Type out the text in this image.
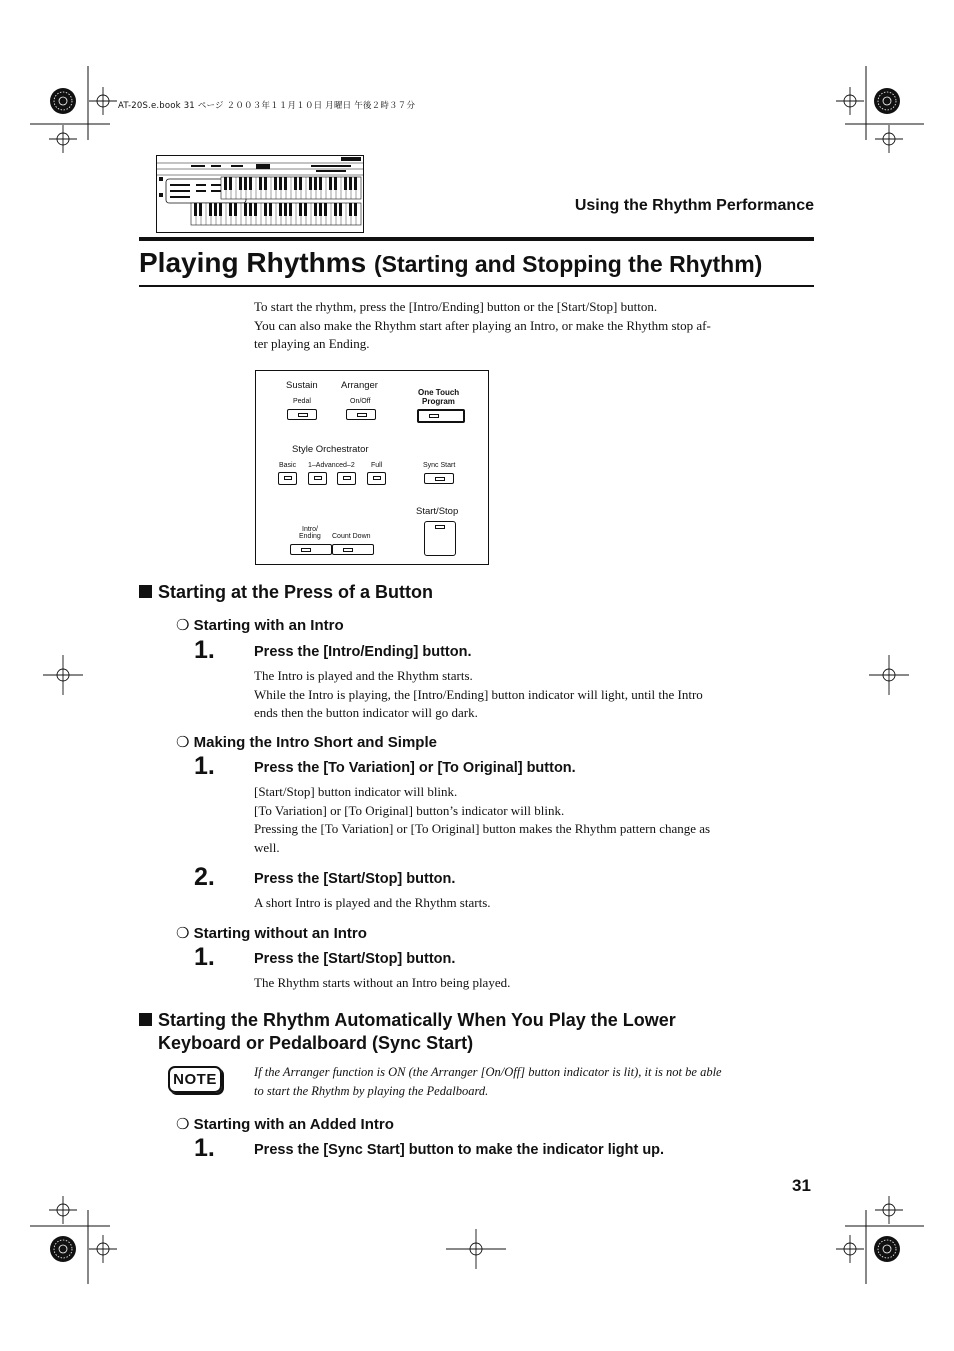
AT-20S.e.book 31 ページ ２００３年１１月１０日 月曜日 午後２時３７分
Using the Rhythm Performance
Playing Rhythms (Starting and Stopping the Rhythm)
To start the rhythm, press the [Intro/Ending] button or the [Start/Stop] button.
You can also make the Rhythm start after playing an Intro, or make the Rhythm stop af-
ter playing an Ending.
Sustain Arranger
Pedal	On/Off
One Touch
Program
Style Orchestrator
Basic 1–Advanced–2 Full	Sync Start
Start/Stop
Intro/
Ending Count Down
Starting at the Press of a Button
❍ Starting with an Intro
1.	Press the [Intro/Ending] button.
The Intro is played and the Rhythm starts.
While the Intro is playing, the [Intro/Ending] button indicator will light, until the Intro
ends then the button indicator will go dark.
❍ Making the Intro Short and Simple
1.	Press the [To Variation] or [To Original] button.
[Start/Stop] button indicator will blink.
[To Variation] or [To Original] button’s indicator will blink.
Pressing the [To Variation] or [To Original] button makes the Rhythm pattern change as
well.
2.	Press the [Start/Stop] button.
A short Intro is played and the Rhythm starts.
❍ Starting without an Intro
1.	Press the [Start/Stop] button.
The Rhythm starts without an Intro being played.
Starting the Rhythm Automatically When You Play the Lower
Keyboard or Pedalboard (Sync Start)
NOTE	If the Arranger function is ON (the Arranger [On/Off] button indicator is lit), it is not be able
to start the Rhythm by playing the Pedalboard.
❍ Starting with an Added Intro
1.	Press the [Sync Start] button to make the indicator light up.
31
